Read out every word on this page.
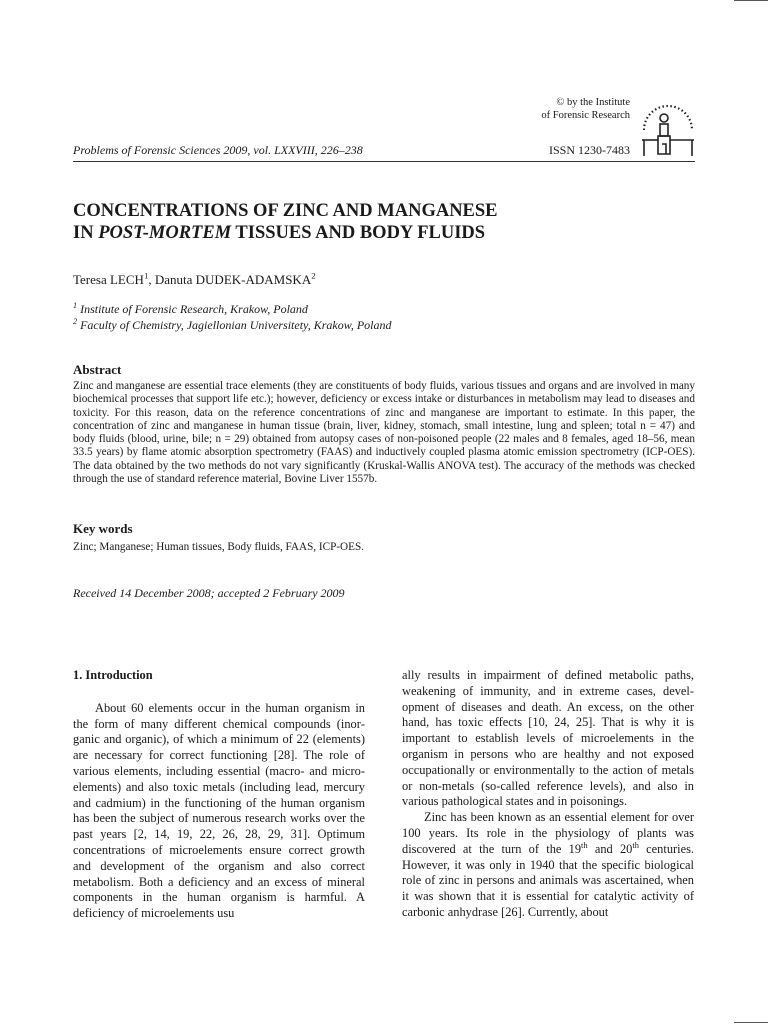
© by the Institute
of Forensic Research
Problems of Forensic Sciences 2009, vol. LXXVIII, 226–238	ISSN 1230-7483
CONCENTRATIONS OF ZINC AND MANGANESE
IN POST-MORTEM TISSUES AND BODY FLUIDS
Teresa LECH$^1$, Danuta DUDEK-ADAMSKA$^2$
$^1$ Institute of Forensic Research, Krakow, Poland
$^2$ Faculty of Chemistry, Jagiellonian Universitety, Krakow, Poland
Abstract
Zinc and manganese are essential trace elements (they are constituents of body fluids, various tissues and organs and are involved in many biochemical processes that support life etc.); however, deficiency or excess intake or disturbances in metabolism may lead to diseases and toxicity. For this reason, data on the reference concentrations of zinc and manganese are important to estimate. In this paper, the concentration of zinc and manganese in human tissue (brain, liver, kidney, stomach, small intestine, lung and spleen; total n = 47) and body fluids (blood, urine, bile; n = 29) obtained from autopsy cases of non-poisoned people (22 males and 8 females, aged 18–56, mean 33.5 years) by flame atomic absorption spectrometry (FAAS) and inductively coupled plasma atomic emission spectrometry (ICP-OES). The data obtained by the two methods do not vary significantly (Kruskal-Wallis ANOVA test). The accuracy of the methods was checked through the use of standard reference material, Bovine Liver 1557b.
Key words
Zinc; Manganese; Human tissues, Body fluids, FAAS, ICP-OES.
Received 14 December 2008; accepted 2 February 2009

1. Introduction

About 60 elements occur in the human organism in the form of many different chemical compounds (inorganic and organic), of which a minimum of 22 (elements) are necessary for correct functioning [28]. The role of various elements, including essential (macro- and micro-elements) and also toxic metals (including lead, mercury and cadmium) in the functioning of the human organism has been the subject of numerous research works over the past years [2, 14, 19, 22, 26, 28, 29, 31]. Optimum concentrations of microelements ensure correct growth and development of the organism and also correct metabolism. Both a deficiency and an excess of mineral components in the human organism is harmful. A deficiency of microelements usu

ally results in impairment of defined metabolic paths, weakening of immunity, and in extreme cases, development of diseases and death. An excess, on the other hand, has toxic effects [10, 24, 25]. That is why it is important to establish levels of microelements in the organism in persons who are healthy and not exposed occupationally or environmentally to the action of metals or non-metals (so-called reference levels), and also in various pathological states and in poisonings.

Zinc has been known as an essential element for over 100 years. Its role in the physiology of plants was discovered at the turn of the 19th and 20th centuries. However, it was only in 1940 that the specific biological role of zinc in persons and animals was ascertained, when it was shown that it is essential for catalytic activity of carbonic anhydrase [26]. Currently, about
